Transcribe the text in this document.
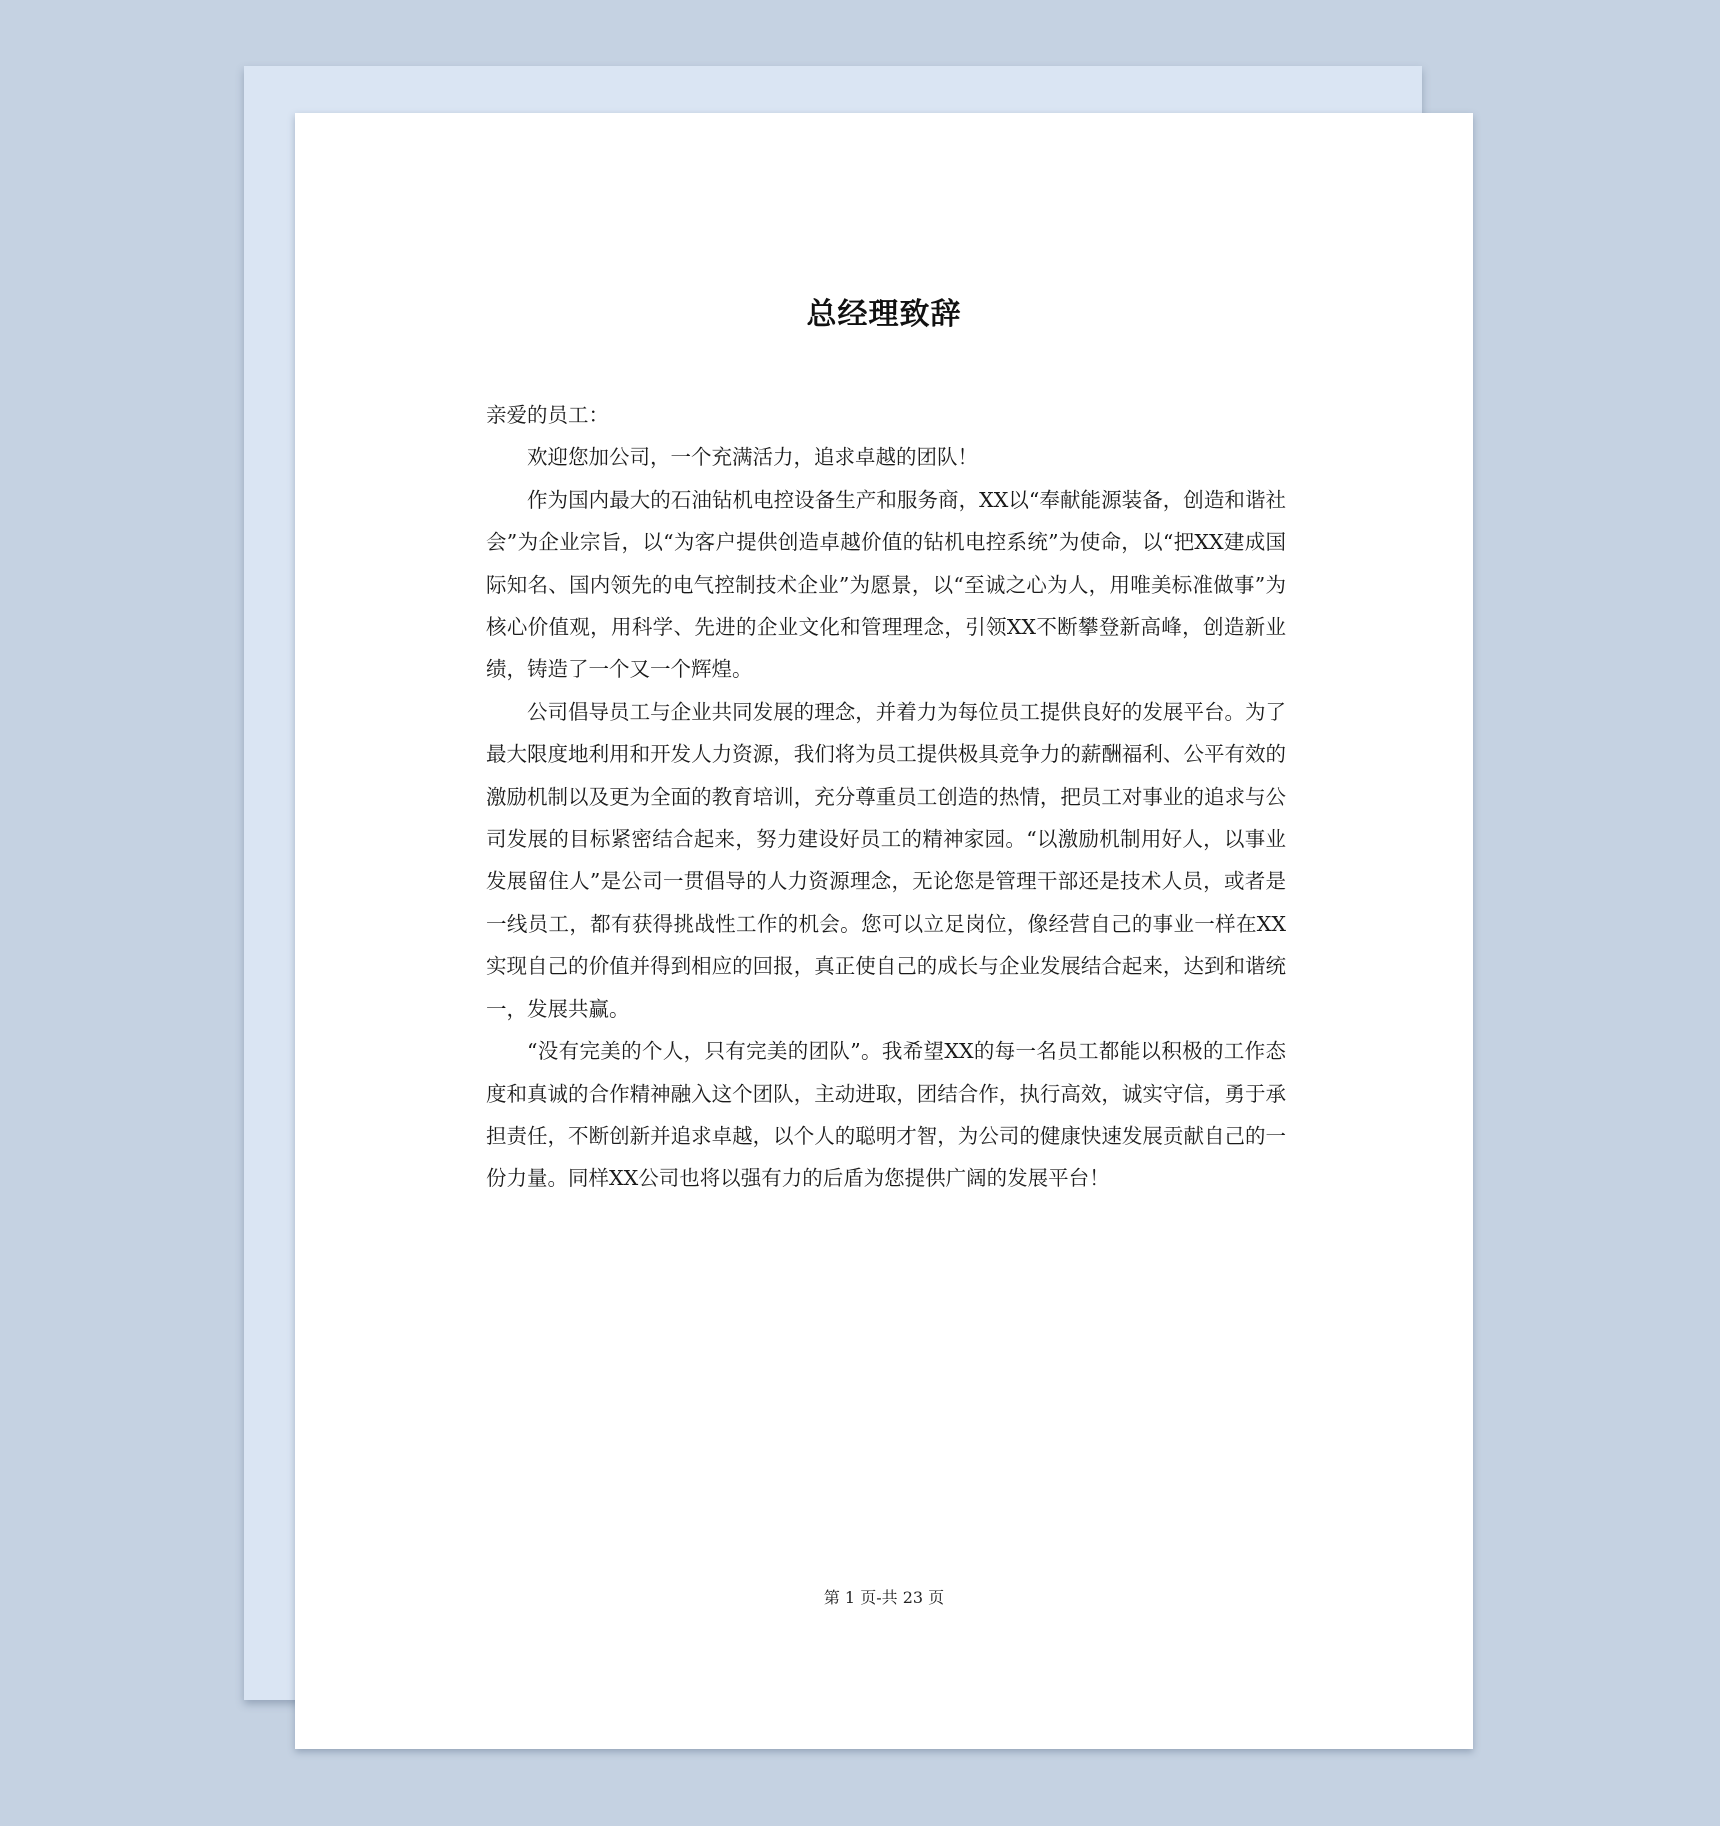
总经理致辞

亲爱的员工：

欢迎您加公司，一个充满活力，追求卓越的团队！

作为国内最大的石油钻机电控设备生产和服务商，XX以“奉献能源装备，创造和谐社会”为企业宗旨，以“为客户提供创造卓越价值的钻机电控系统”为使命，以“把XX建成国际知名、国内领先的电气控制技术企业”为愿景，以“至诚之心为人，用唯美标准做事”为核心价值观，用科学、先进的企业文化和管理理念，引领XX不断攀登新高峰，创造新业绩，铸造了一个又一个辉煌。

公司倡导员工与企业共同发展的理念，并着力为每位员工提供良好的发展平台。为了最大限度地利用和开发人力资源，我们将为员工提供极具竞争力的薪酬福利、公平有效的激励机制以及更为全面的教育培训，充分尊重员工创造的热情，把员工对事业的追求与公司发展的目标紧密结合起来，努力建设好员工的精神家园。“以激励机制用好人，以事业发展留住人”是公司一贯倡导的人力资源理念，无论您是管理干部还是技术人员，或者是一线员工，都有获得挑战性工作的机会。您可以立足岗位，像经营自己的事业一样在XX实现自己的价值并得到相应的回报，真正使自己的成长与企业发展结合起来，达到和谐统一，发展共赢。

“没有完美的个人，只有完美的团队”。我希望XX的每一名员工都能以积极的工作态度和真诚的合作精神融入这个团队，主动进取，团结合作，执行高效，诚实守信，勇于承担责任，不断创新并追求卓越，以个人的聪明才智，为公司的健康快速发展贡献自己的一份力量。同样XX公司也将以强有力的后盾为您提供广阔的发展平台！

第 1 页-共 23 页
